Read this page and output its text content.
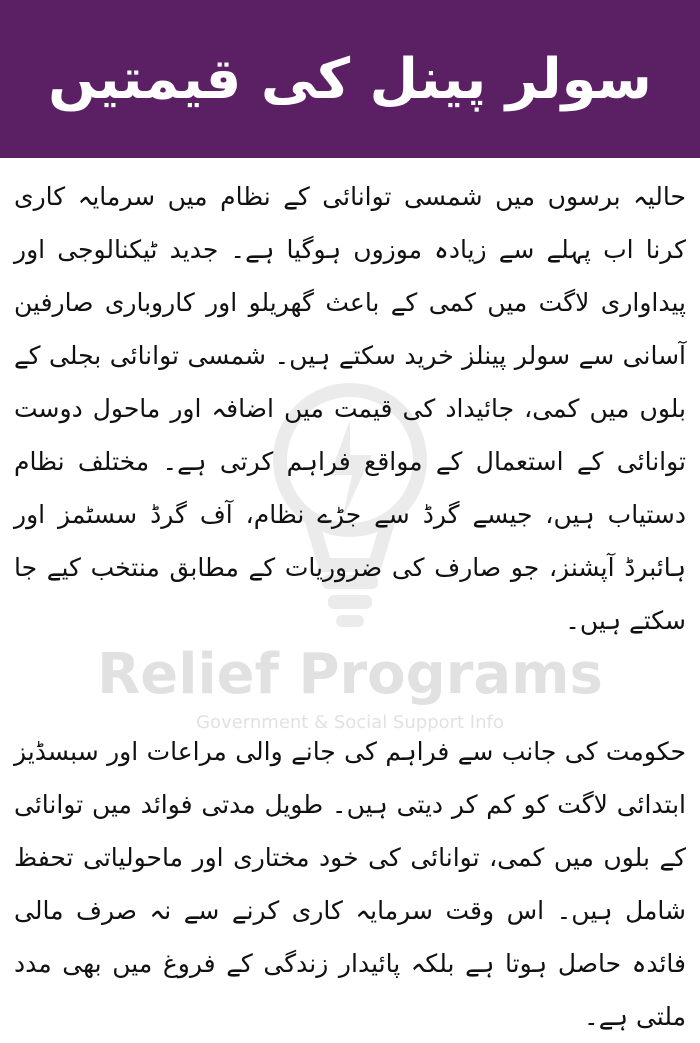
سولر پینل کی قیمتیں
Relief Programs
Government & Social Support Info

حالیہ برسوں میں شمسی توانائی کے نظام میں سرمایہ کاری کرنا اب پہلے سے زیادہ موزوں ہوگیا ہے۔ جدید ٹیکنالوجی اور پیداواری لاگت میں کمی کے باعث گھریلو اور کاروباری صارفین آسانی سے سولر پینلز خرید سکتے ہیں۔ شمسی توانائی بجلی کے بلوں میں کمی، جائیداد کی قیمت میں اضافہ اور ماحول دوست توانائی کے استعمال کے مواقع فراہم کرتی ہے۔ مختلف نظام دستیاب ہیں، جیسے گرڈ سے جڑے نظام، آف گرڈ سسٹمز اور ہائبرڈ آپشنز، جو صارف کی ضروریات کے مطابق منتخب کیے جا سکتے ہیں۔

حکومت کی جانب سے فراہم کی جانے والی مراعات اور سبسڈیز ابتدائی لاگت کو کم کر دیتی ہیں۔ طویل مدتی فوائد میں توانائی کے بلوں میں کمی، توانائی کی خود مختاری اور ماحولیاتی تحفظ شامل ہیں۔ اس وقت سرمایہ کاری کرنے سے نہ صرف مالی فائدہ حاصل ہوتا ہے بلکہ پائیدار زندگی کے فروغ میں بھی مدد ملتی ہے۔
